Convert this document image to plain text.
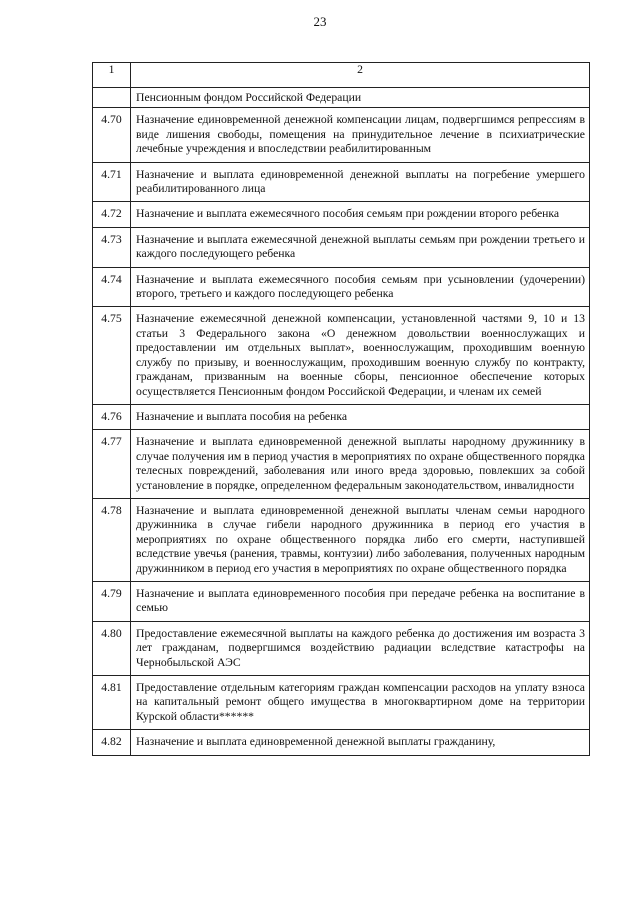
23
1	2
	Пенсионным фондом Российской Федерации
4.70	Назначение единовременной денежной компенсации лицам, подвергшимся репрессиям в виде лишения свободы, помещения на принудительное лечение в психиатрические лечебные учреждения и впоследствии реабилитированным
4.71	Назначение и выплата единовременной денежной выплаты на погребение умершего реабилитированного лица
4.72	Назначение и выплата ежемесячного пособия семьям при рождении второго ребенка
4.73	Назначение и выплата ежемесячной денежной выплаты семьям при рождении третьего и каждого последующего ребенка
4.74	Назначение и выплата ежемесячного пособия семьям при усыновлении (удочерении) второго, третьего и каждого последующего ребенка
4.75	Назначение ежемесячной денежной компенсации, установленной частями 9, 10 и 13 статьи 3 Федерального закона «О денежном довольствии военнослужащих и предоставлении им отдельных выплат», военнослужащим, проходившим военную службу по призыву, и военнослужащим, проходившим военную службу по контракту, гражданам, призванным на военные сборы, пенсионное обеспечение которых осуществляется Пенсионным фондом Российской Федерации, и членам их семей
4.76	Назначение и выплата пособия на ребенка
4.77	Назначение и выплата единовременной денежной выплаты народному дружиннику в случае получения им в период участия в мероприятиях по охране общественного порядка телесных повреждений, заболевания или иного вреда здоровью, повлекших за собой установление в порядке, определенном федеральным законодательством, инвалидности
4.78	Назначение и выплата единовременной денежной выплаты членам семьи народного дружинника в случае гибели народного дружинника в период его участия в мероприятиях по охране общественного порядка либо его смерти, наступившей вследствие увечья (ранения, травмы, контузии) либо заболевания, полученных народным дружинником в период его участия в мероприятиях по охране общественного порядка
4.79	Назначение и выплата единовременного пособия при передаче ребенка на воспитание в семью
4.80	Предоставление ежемесячной выплаты на каждого ребенка до достижения им возраста 3 лет гражданам, подвергшимся воздействию радиации вследствие катастрофы на Чернобыльской АЭС
4.81	Предоставление отдельным категориям граждан компенсации расходов на уплату взноса на капитальный ремонт общего имущества в многоквартирном доме на территории Курской области******
4.82	Назначение и выплата единовременной денежной выплаты гражданину,
